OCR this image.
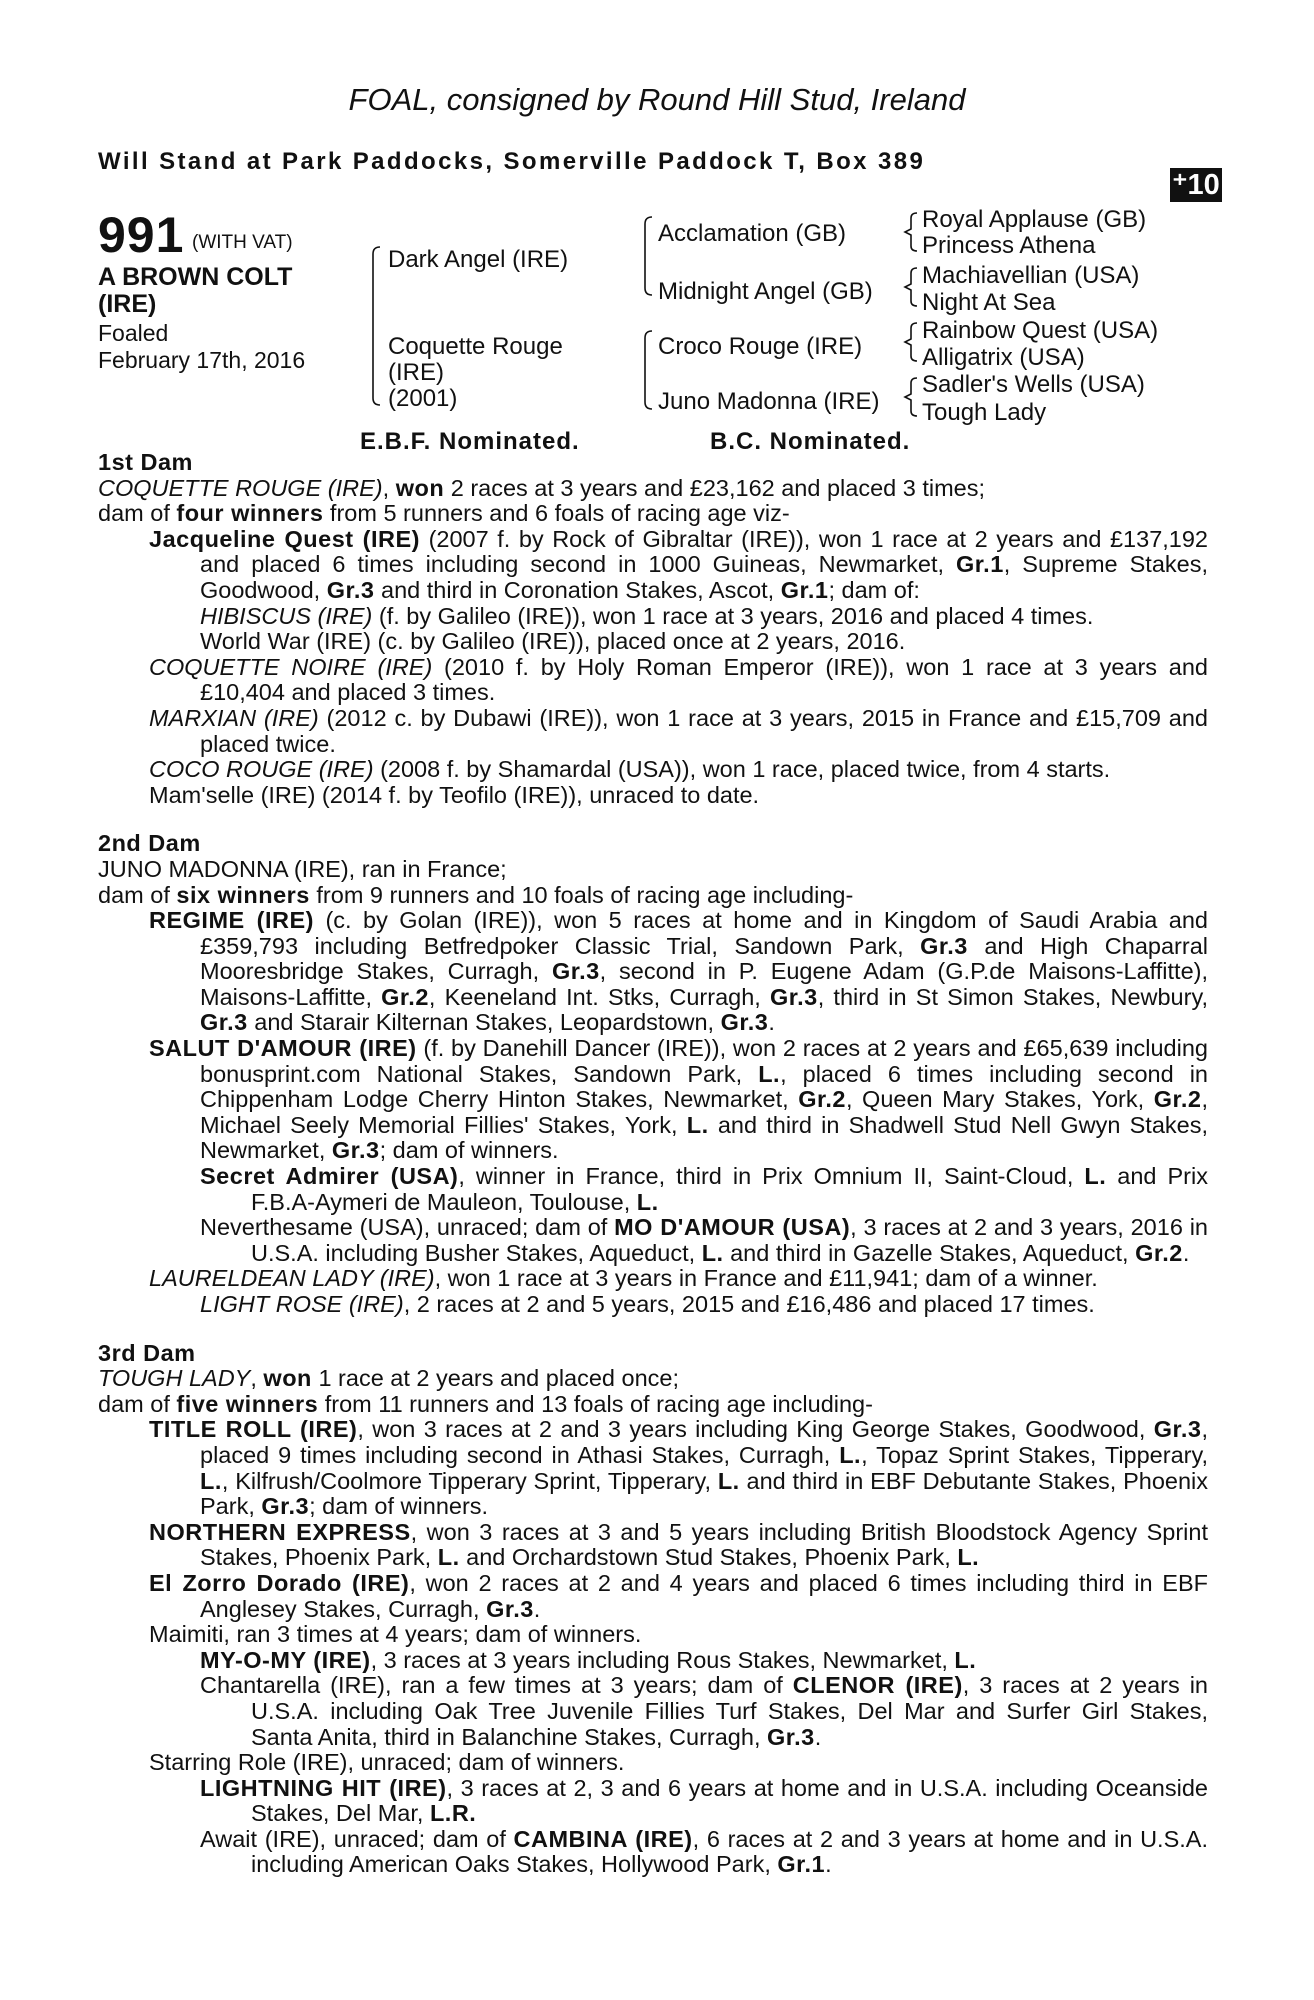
FOAL, consigned by Round Hill Stud, Ireland
Will Stand at Park Paddocks, Somerville Paddock T, Box 389
⁺10
991 (WITH VAT)
A BROWN COLT (IRE)
Foaled
February 17th, 2016
Dark Angel (IRE)
Coquette Rouge
(IRE)
(2001)
Acclamation (GB)
Midnight Angel (GB)
Croco Rouge (IRE)
Juno Madonna (IRE)
Royal Applause (GB)
Princess Athena
Machiavellian (USA)
Night At Sea
Rainbow Quest (USA)
Alligatrix (USA)
Sadler's Wells (USA)
Tough Lady
E.B.F. Nominated.	B.C. Nominated.
1st Dam
COQUETTE ROUGE (IRE), won 2 races at 3 years and £23,162 and placed 3 times;
dam of four winners from 5 runners and 6 foals of racing age viz-
Jacqueline Quest (IRE) (2007 f. by Rock of Gibraltar (IRE)), won 1 race at 2 years and £137,192 and placed 6 times including second in 1000 Guineas, Newmarket, Gr.1, Supreme Stakes, Goodwood, Gr.3 and third in Coronation Stakes, Ascot, Gr.1; dam of:
HIBISCUS (IRE) (f. by Galileo (IRE)), won 1 race at 3 years, 2016 and placed 4 times.
World War (IRE) (c. by Galileo (IRE)), placed once at 2 years, 2016.
COQUETTE NOIRE (IRE) (2010 f. by Holy Roman Emperor (IRE)), won 1 race at 3 years and £10,404 and placed 3 times.
MARXIAN (IRE) (2012 c. by Dubawi (IRE)), won 1 race at 3 years, 2015 in France and £15,709 and placed twice.
COCO ROUGE (IRE) (2008 f. by Shamardal (USA)), won 1 race, placed twice, from 4 starts.
Mam'selle (IRE) (2014 f. by Teofilo (IRE)), unraced to date.
2nd Dam
JUNO MADONNA (IRE), ran in France;
dam of six winners from 9 runners and 10 foals of racing age including-
REGIME (IRE) (c. by Golan (IRE)), won 5 races at home and in Kingdom of Saudi Arabia and £359,793 including Betfredpoker Classic Trial, Sandown Park, Gr.3 and High Chaparral Mooresbridge Stakes, Curragh, Gr.3, second in P. Eugene Adam (G.P.de Maisons-Laffitte), Maisons-Laffitte, Gr.2, Keeneland Int. Stks, Curragh, Gr.3, third in St Simon Stakes, Newbury, Gr.3 and Starair Kilternan Stakes, Leopardstown, Gr.3.
SALUT D'AMOUR (IRE) (f. by Danehill Dancer (IRE)), won 2 races at 2 years and £65,639 including bonusprint.com National Stakes, Sandown Park, L., placed 6 times including second in Chippenham Lodge Cherry Hinton Stakes, Newmarket, Gr.2, Queen Mary Stakes, York, Gr.2, Michael Seely Memorial Fillies' Stakes, York, L. and third in Shadwell Stud Nell Gwyn Stakes, Newmarket, Gr.3; dam of winners.
Secret Admirer (USA), winner in France, third in Prix Omnium II, Saint-Cloud, L. and Prix F.B.A-Aymeri de Mauleon, Toulouse, L.
Neverthesame (USA), unraced; dam of MO D'AMOUR (USA), 3 races at 2 and 3 years, 2016 in U.S.A. including Busher Stakes, Aqueduct, L. and third in Gazelle Stakes, Aqueduct, Gr.2.
LAURELDEAN LADY (IRE), won 1 race at 3 years in France and £11,941; dam of a winner.
LIGHT ROSE (IRE), 2 races at 2 and 5 years, 2015 and £16,486 and placed 17 times.
3rd Dam
TOUGH LADY, won 1 race at 2 years and placed once;
dam of five winners from 11 runners and 13 foals of racing age including-
TITLE ROLL (IRE), won 3 races at 2 and 3 years including King George Stakes, Goodwood, Gr.3, placed 9 times including second in Athasi Stakes, Curragh, L., Topaz Sprint Stakes, Tipperary, L., Kilfrush/Coolmore Tipperary Sprint, Tipperary, L. and third in EBF Debutante Stakes, Phoenix Park, Gr.3; dam of winners.
NORTHERN EXPRESS, won 3 races at 3 and 5 years including British Bloodstock Agency Sprint Stakes, Phoenix Park, L. and Orchardstown Stud Stakes, Phoenix Park, L.
El Zorro Dorado (IRE), won 2 races at 2 and 4 years and placed 6 times including third in EBF Anglesey Stakes, Curragh, Gr.3.
Maimiti, ran 3 times at 4 years; dam of winners.
MY-O-MY (IRE), 3 races at 3 years including Rous Stakes, Newmarket, L.
Chantarella (IRE), ran a few times at 3 years; dam of CLENOR (IRE), 3 races at 2 years in U.S.A. including Oak Tree Juvenile Fillies Turf Stakes, Del Mar and Surfer Girl Stakes, Santa Anita, third in Balanchine Stakes, Curragh, Gr.3.
Starring Role (IRE), unraced; dam of winners.
LIGHTNING HIT (IRE), 3 races at 2, 3 and 6 years at home and in U.S.A. including Oceanside Stakes, Del Mar, L.R.
Await (IRE), unraced; dam of CAMBINA (IRE), 6 races at 2 and 3 years at home and in U.S.A. including American Oaks Stakes, Hollywood Park, Gr.1.
